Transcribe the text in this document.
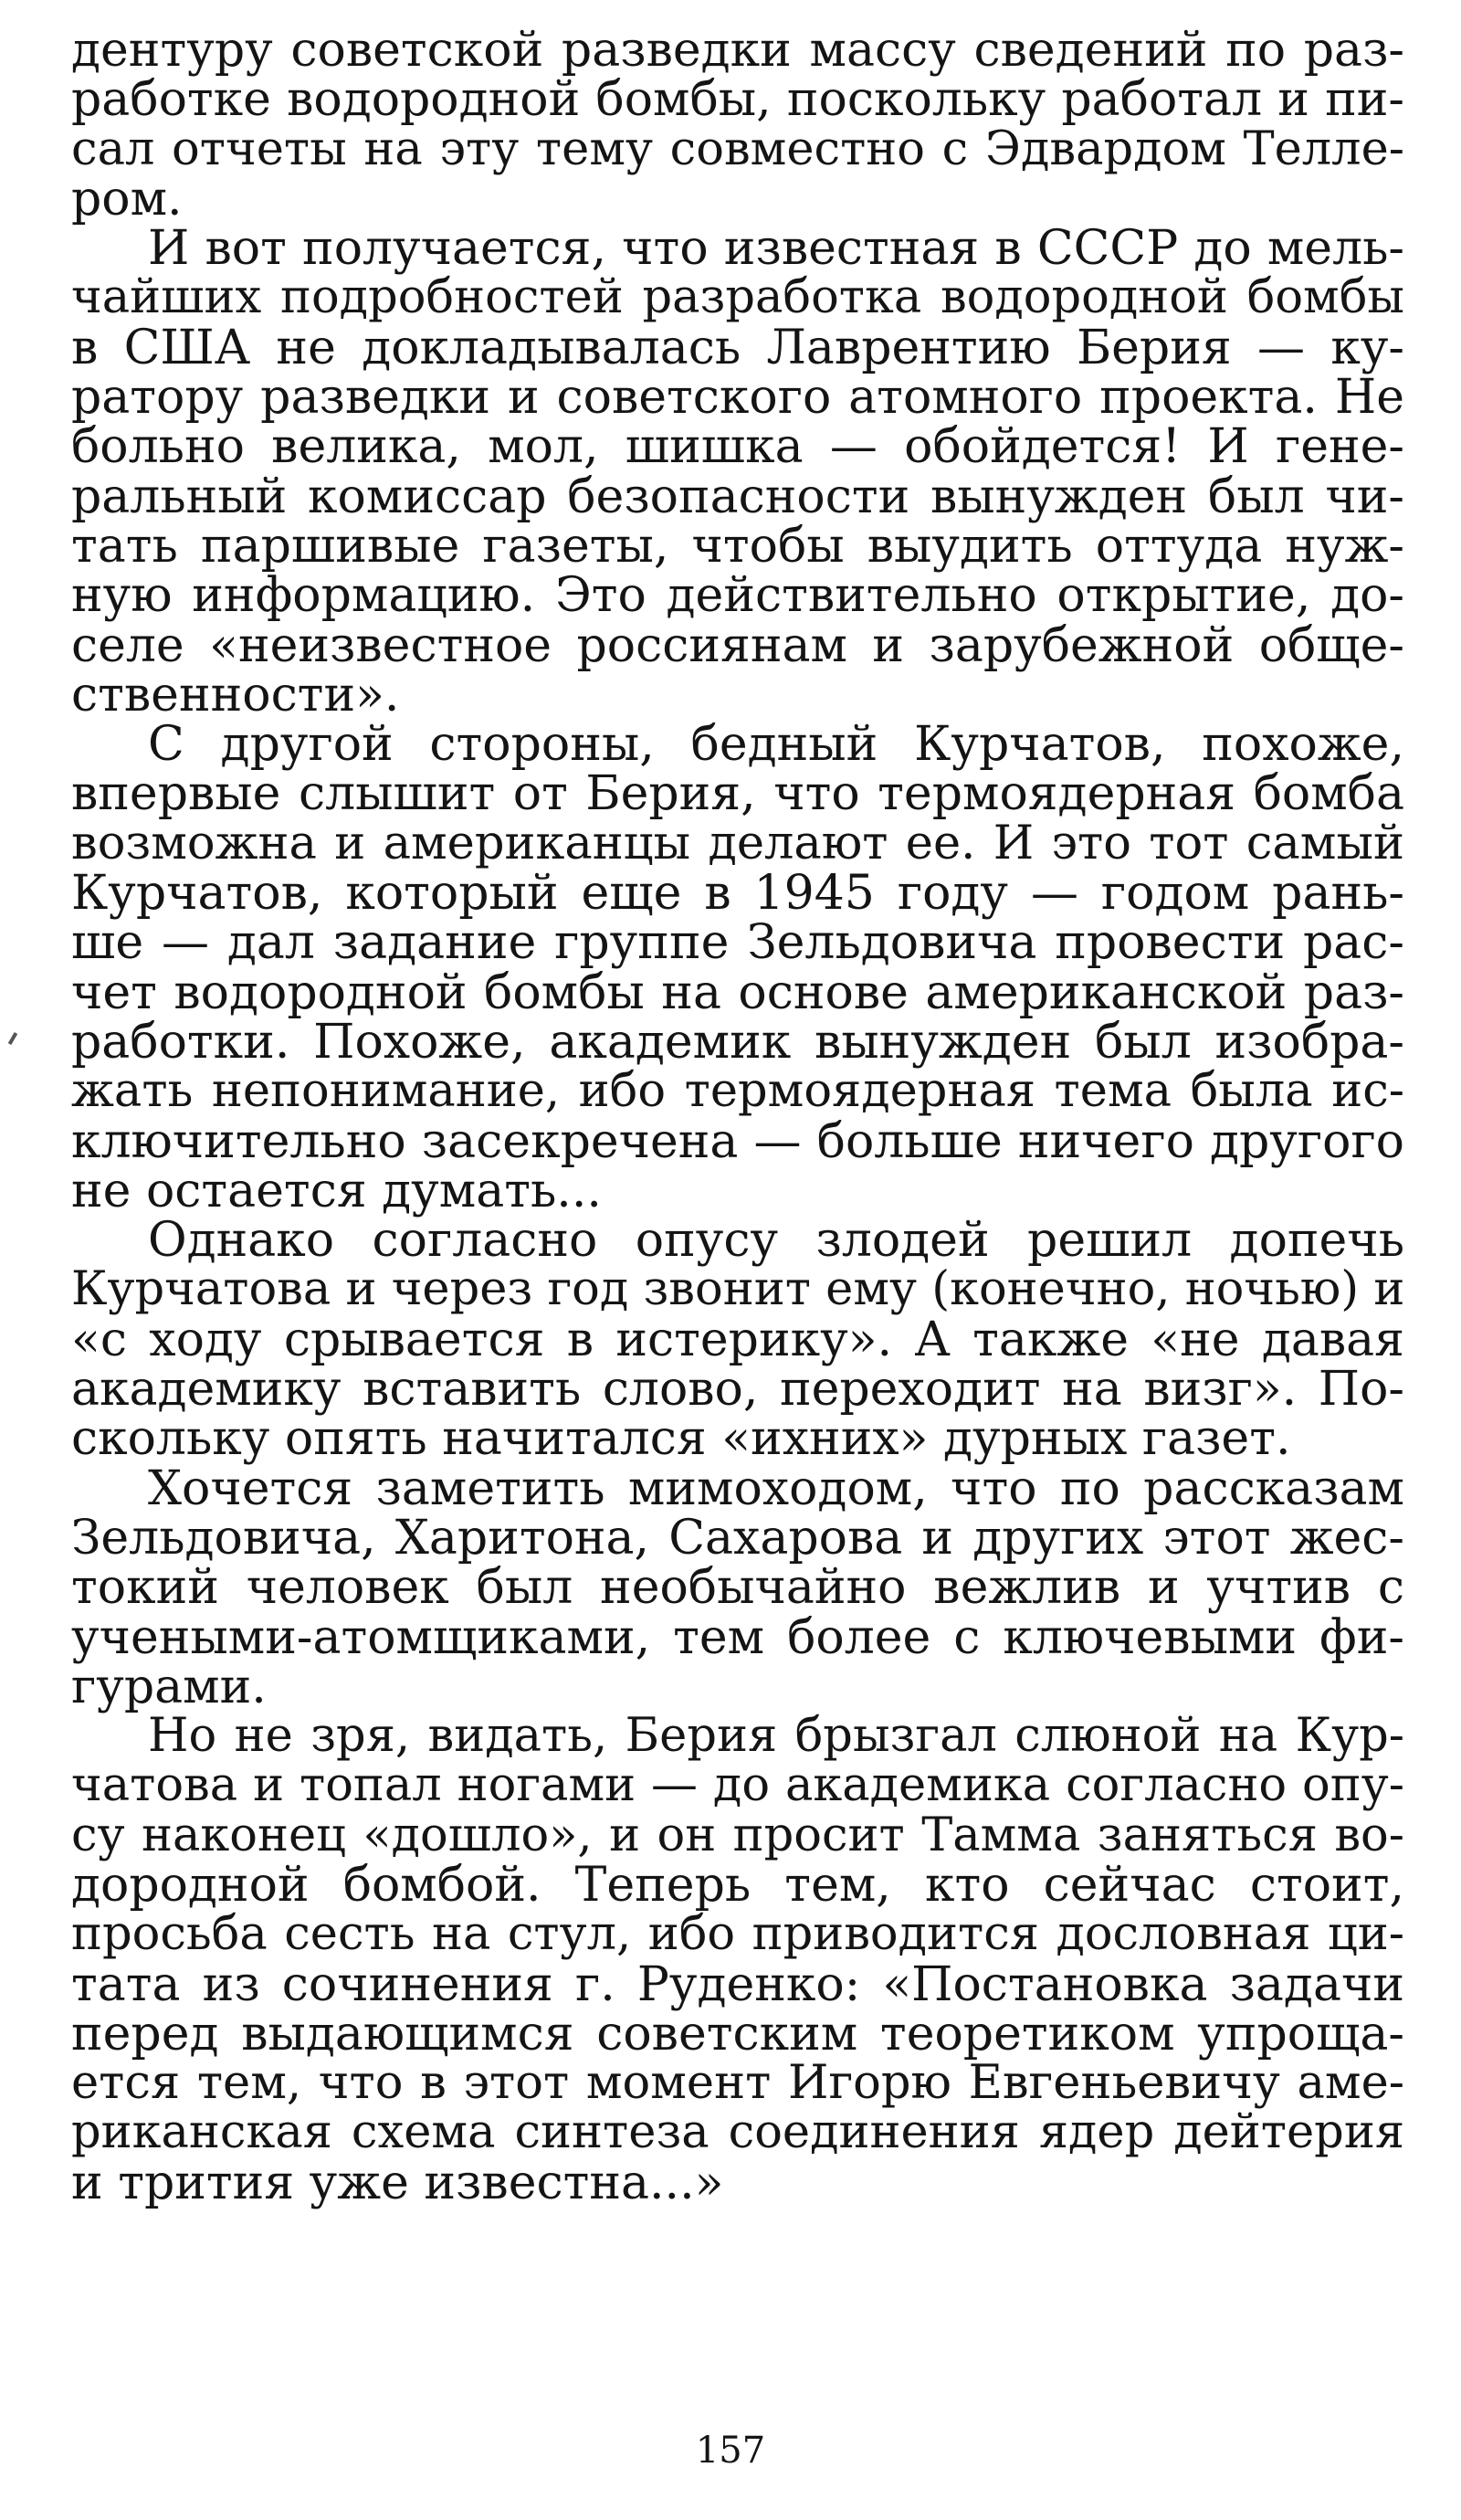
дентуру советской разведки массу сведений по раз-
работке водородной бомбы, поскольку работал и пи-
сал отчеты на эту тему совместно с Эдвардом Телле-
ром.
И вот получается, что известная в СССР до мель-
чайших подробностей разработка водородной бомбы
в США не докладывалась Лаврентию Берия — ку-
ратору разведки и советского атомного проекта. Не
больно велика, мол, шишка — обойдется! И гене-
ральный комиссар безопасности вынужден был чи-
тать паршивые газеты, чтобы выудить оттуда нуж-
ную информацию. Это действительно открытие, до-
селе «неизвестное россиянам и зарубежной обще-
ственности».
С другой стороны, бедный Курчатов, похоже,
впервые слышит от Берия, что термоядерная бомба
возможна и американцы делают ее. И это тот самый
Курчатов, который еще в 1945 году — годом рань-
ше — дал задание группе Зельдовича провести рас-
чет водородной бомбы на основе американской раз-
работки. Похоже, академик вынужден был изобра-
жать непонимание, ибо термоядерная тема была ис-
ключительно засекречена — больше ничего другого
не остается думать...
Однако согласно опусу злодей решил допечь
Курчатова и через год звонит ему (конечно, ночью) и
«с ходу срывается в истерику». А также «не давая
академику вставить слово, переходит на визг». По-
скольку опять начитался «ихних» дурных газет.
Хочется заметить мимоходом, что по рассказам
Зельдовича, Харитона, Сахарова и других этот жес-
токий человек был необычайно вежлив и учтив с
учеными-атомщиками, тем более с ключевыми фи-
гурами.
Но не зря, видать, Берия брызгал слюной на Кур-
чатова и топал ногами — до академика согласно опу-
су наконец «дошло», и он просит Тамма заняться во-
дородной бомбой. Теперь тем, кто сейчас стоит,
просьба сесть на стул, ибо приводится дословная ци-
тата из сочинения г. Руденко: «Постановка задачи
перед выдающимся советским теоретиком упроща-
ется тем, что в этот момент Игорю Евгеньевичу аме-
риканская схема синтеза соединения ядер дейтерия
и трития уже известна...»
157
